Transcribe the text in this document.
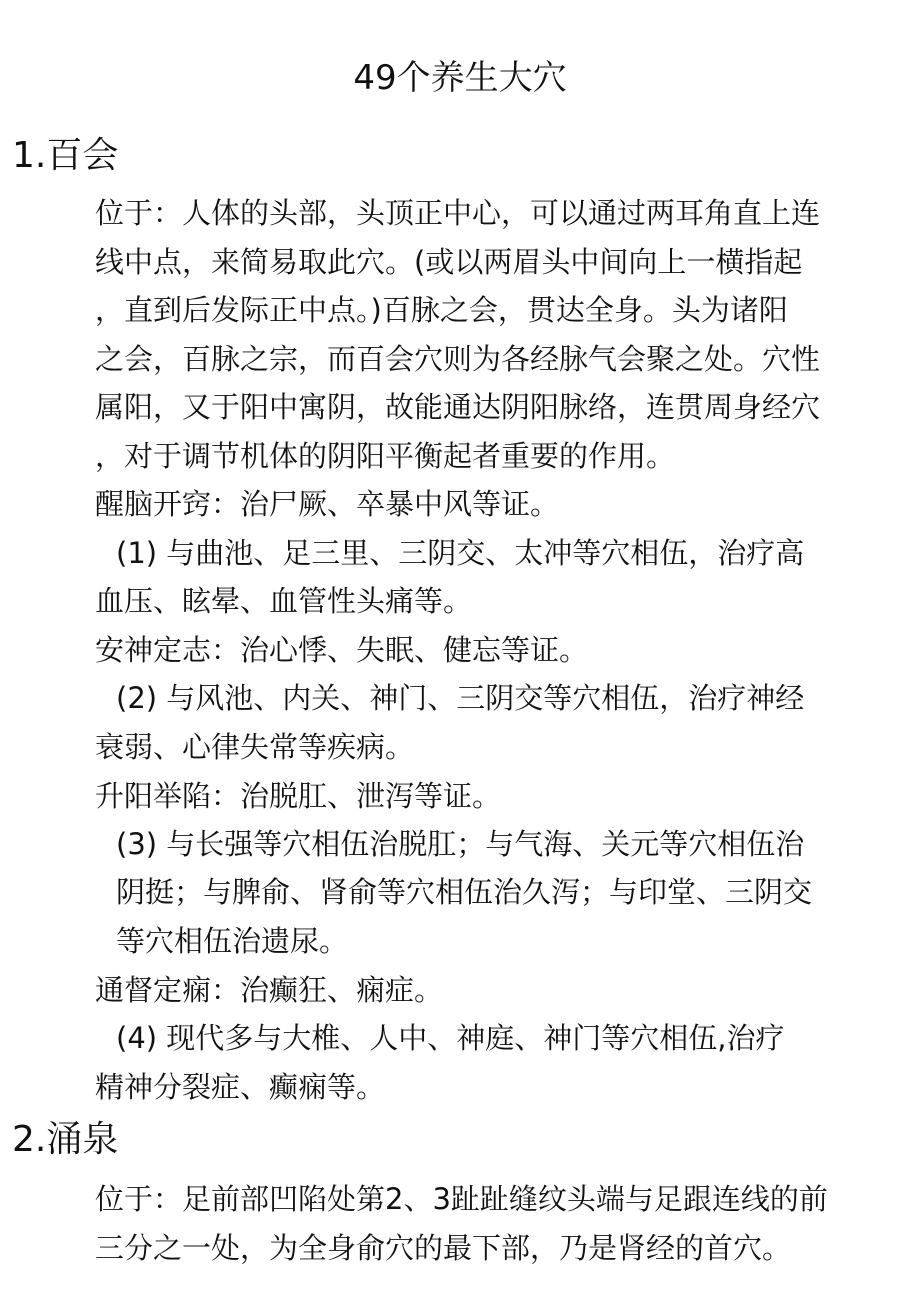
49个养生大穴
1.百会
位于：人体的头部，头顶正中心，可以通过两耳角直上连
线中点，来简易取此穴。(或以两眉头中间向上一横指起
，直到后发际正中点。)百脉之会，贯达全身。头为诸阳
之会，百脉之宗，而百会穴则为各经脉气会聚之处。穴性
属阳，又于阳中寓阴，故能通达阴阳脉络，连贯周身经穴
，对于调节机体的阴阳平衡起者重要的作用。
醒脑开窍：治尸厥、卒暴中风等证。
(1) 与曲池、足三里、三阴交、太冲等穴相伍，治疗高
血压、眩晕、血管性头痛等。
安神定志：治心悸、失眠、健忘等证。
(2) 与风池、内关、神门、三阴交等穴相伍，治疗神经
衰弱、心律失常等疾病。
升阳举陷：治脱肛、泄泻等证。
(3) 与长强等穴相伍治脱肛；与气海、关元等穴相伍治
阴挺；与脾俞、肾俞等穴相伍治久泻；与印堂、三阴交
等穴相伍治遗尿。
通督定痫：治癫狂、痫症。
(4) 现代多与大椎、人中、神庭、神门等穴相伍,治疗
精神分裂症、癫痫等。
2.涌泉
位于：足前部凹陷处第2、3趾趾缝纹头端与足跟连线的前
三分之一处，为全身俞穴的最下部，乃是肾经的首穴。
